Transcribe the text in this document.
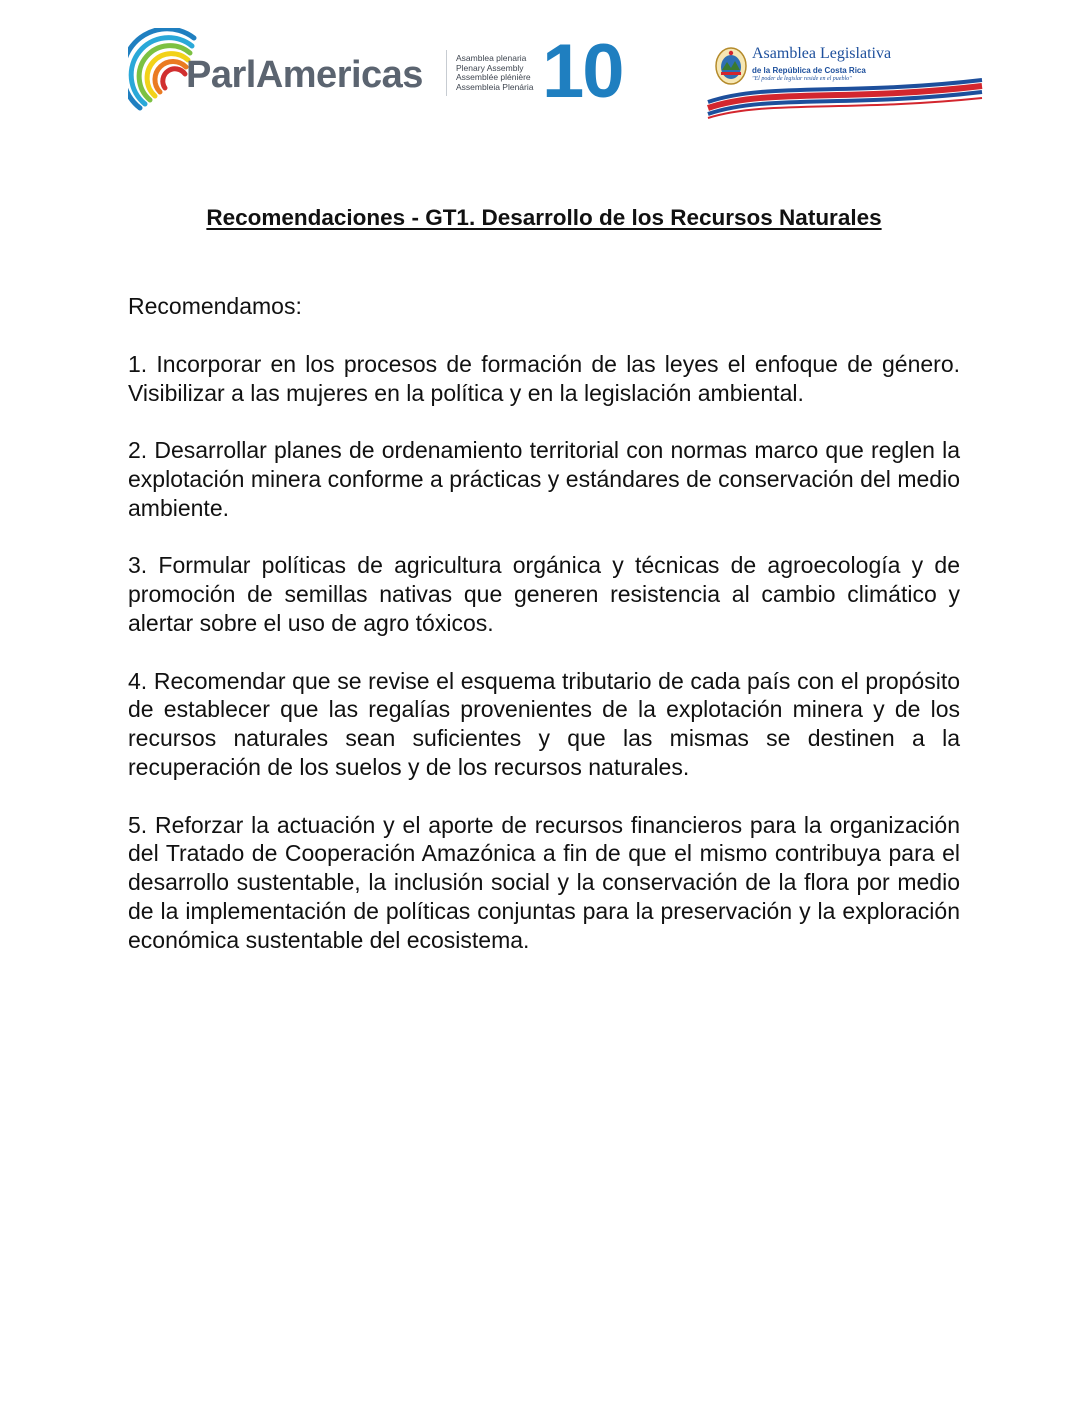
ParlAmericas	Asamblea plenaria
Plenary Assembly
Assemblée plénière
Assembleia Plenária 10	Asamblea Legislativa
de la República de Costa Rica
"El poder de legislar reside en el pueblo"
Recomendaciones - GT1. Desarrollo de los Recursos Naturales

Recomendamos:

1. Incorporar en los procesos de formación de las leyes el enfoque de género. Visibilizar a las mujeres en la política y en la legislación ambiental.

2. Desarrollar planes de ordenamiento territorial con normas marco que reglen la explotación minera conforme a prácticas y estándares de conservación del medio ambiente.

3. Formular políticas de agricultura orgánica y técnicas de agroecología y de promoción de semillas nativas que generen resistencia al cambio climático y alertar sobre el uso de agro tóxicos.

4. Recomendar que se revise el esquema tributario de cada país con el propósito de establecer que las regalías provenientes de la explotación minera y de los recursos naturales sean suficientes y que las mismas se destinen a la recuperación de los suelos y de los recursos naturales.

5. Reforzar la actuación y el aporte de recursos financieros para la organización del Tratado de Cooperación Amazónica a fin de que el mismo contribuya para el desarrollo sustentable, la inclusión social y la conservación de la flora por medio de la implementación de políticas conjuntas para la preservación y la exploración económica sustentable del ecosistema.
